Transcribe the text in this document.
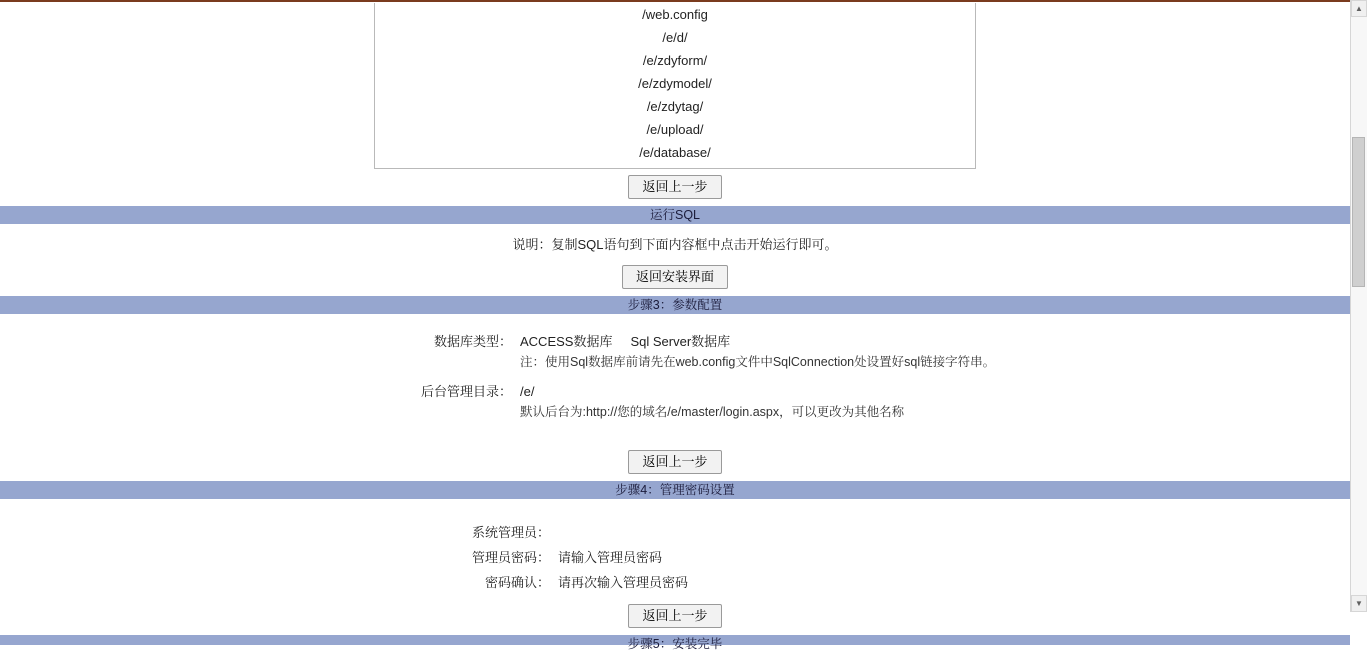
/web.config
/e/d/
/e/zdyform/
/e/zdymodel/
/e/zdytag/
/e/upload/
/e/database/
返回上一步
运行SQL
说明：复制SQL语句到下面内容框中点击开始运行即可。
返回安装界面
步骤3：参数配置
数据库类型： ACCESS数据库 Sql Server数据库
注：使用Sql数据库前请先在web.config文件中SqlConnection处设置好sql链接字符串。
后台管理目录： /e/
默认后台为:http://您的域名/e/master/login.aspx，可以更改为其他名称
返回上一步
步骤4：管理密码设置
系统管理员：
管理员密码： 请输入管理员密码
密码确认： 请再次输入管理员密码
返回上一步
步骤5：安装完毕
▲
▼
